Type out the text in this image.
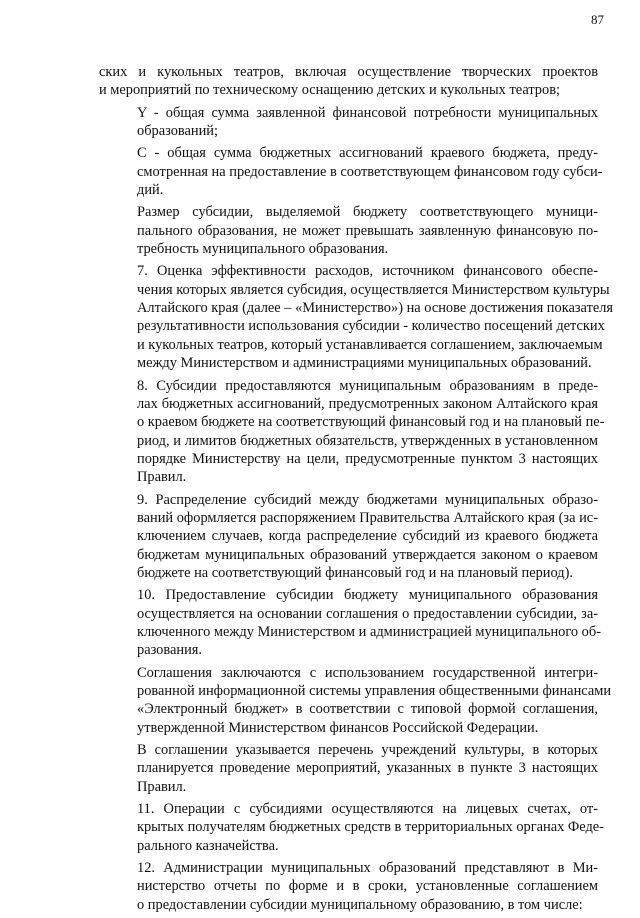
87

ских и кукольных театров, включая осуществление творческих проектов
и мероприятий по техническому оснащению детских и кукольных театров;

Y - общая сумма заявленной финансовой потребности муниципальных
образований;

С - общая сумма бюджетных ассигнований краевого бюджета, преду-
смотренная на предоставление в соответствующем финансовом году субси-
дий.

Размер субсидии, выделяемой бюджету соответствующего муници-
пального образования, не может превышать заявленную финансовую по-
требность муниципального образования.

7. Оценка эффективности расходов, источником финансового обеспе-
чения которых является субсидия, осуществляется Министерством культуры
Алтайского края (далее – «Министерство») на основе достижения показателя
результативности использования субсидии - количество посещений детских
и кукольных театров, который устанавливается соглашением, заключаемым
между Министерством и администрациями муниципальных образований.

8. Субсидии предоставляются муниципальным образованиям в преде-
лах бюджетных ассигнований, предусмотренных законом Алтайского края
о краевом бюджете на соответствующий финансовый год и на плановый пе-
риод, и лимитов бюджетных обязательств, утвержденных в установленном
порядке Министерству на цели, предусмотренные пунктом 3 настоящих
Правил.

9. Распределение субсидий между бюджетами муниципальных образо-
ваний оформляется распоряжением Правительства Алтайского края (за ис-
ключением случаев, когда распределение субсидий из краевого бюджета
бюджетам муниципальных образований утверждается законом о краевом
бюджете на соответствующий финансовый год и на плановый период).

10. Предоставление субсидии бюджету муниципального образования
осуществляется на основании соглашения о предоставлении субсидии, за-
ключенного между Министерством и администрацией муниципального об-
разования.

Соглашения заключаются с использованием государственной интегри-
рованной информационной системы управления общественными финансами
«Электронный бюджет» в соответствии с типовой формой соглашения,
утвержденной Министерством финансов Российской Федерации.

В соглашении указывается перечень учреждений культуры, в которых
планируется проведение мероприятий, указанных в пункте 3 настоящих
Правил.

11. Операции с субсидиями осуществляются на лицевых счетах, от-
крытых получателям бюджетных средств в территориальных органах Феде-
рального казначейства.

12. Администрации муниципальных образований представляют в Ми-
нистерство отчеты по форме и в сроки, установленные соглашением
о предоставлении субсидии муниципальному образованию, в том числе:
